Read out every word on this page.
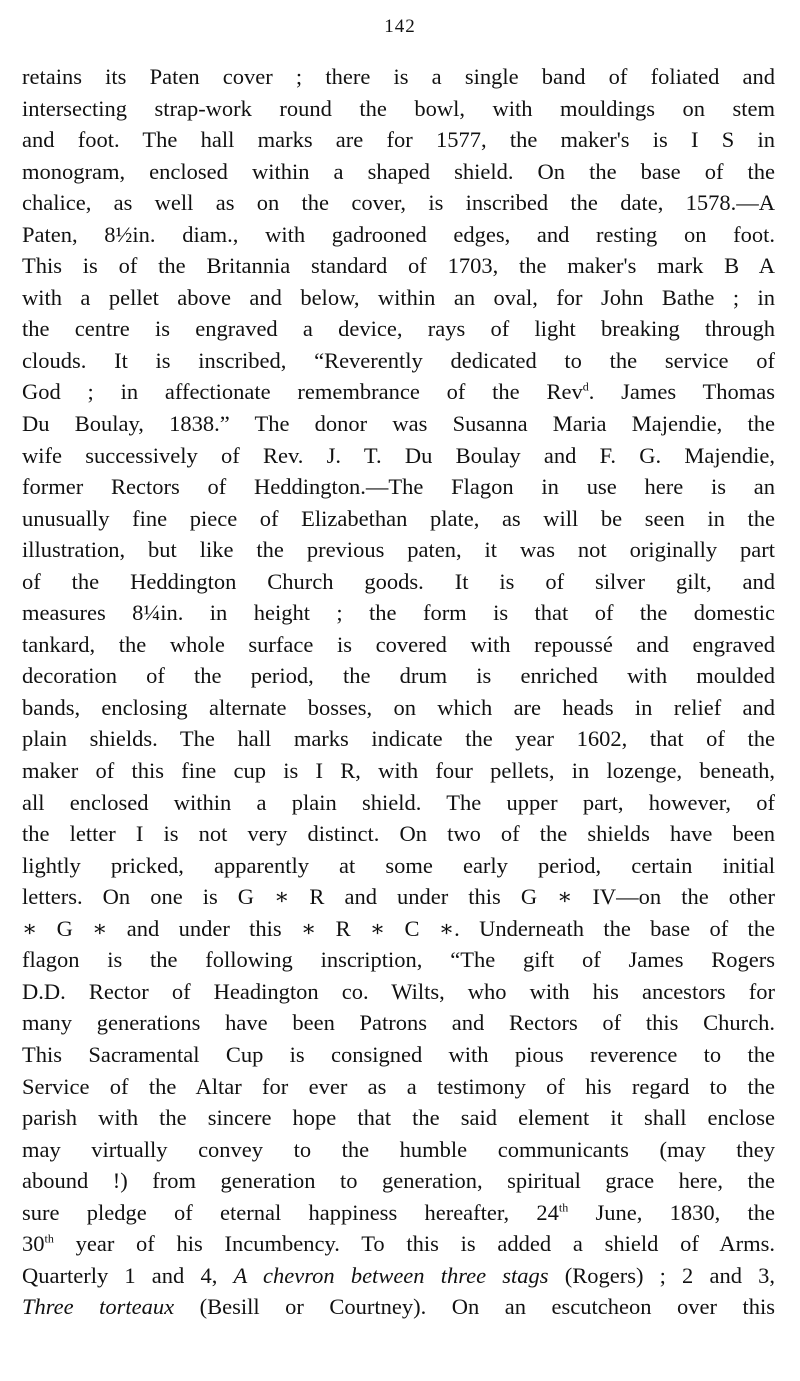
142
retains its Paten cover ; there is a single band of foliated and
intersecting strap-work round the bowl, with mouldings on stem
and foot. The hall marks are for 1577, the maker's is I S in
monogram, enclosed within a shaped shield. On the base of the
chalice, as well as on the cover, is inscribed the date, 1578.—A
Paten, 8½in. diam., with gadrooned edges, and resting on foot.
This is of the Britannia standard of 1703, the maker's mark B A
with a pellet above and below, within an oval, for John Bathe ; in
the centre is engraved a device, rays of light breaking through
clouds. It is inscribed, “Reverently dedicated to the service of
God ; in affectionate remembrance of the Rev$^d$. James Thomas
Du Boulay, 1838.” The donor was Susanna Maria Majendie, the
wife successively of Rev. J. T. Du Boulay and F. G. Majendie,
former Rectors of Heddington.—The Flagon in use here is an
unusually fine piece of Elizabethan plate, as will be seen in the
illustration, but like the previous paten, it was not originally part
of the Heddington Church goods. It is of silver gilt, and
measures 8¼in. in height ; the form is that of the domestic
tankard, the whole surface is covered with repoussé and engraved
decoration of the period, the drum is enriched with moulded
bands, enclosing alternate bosses, on which are heads in relief and
plain shields. The hall marks indicate the year 1602, that of the
maker of this fine cup is I R, with four pellets, in lozenge, beneath,
all enclosed within a plain shield. The upper part, however, of
the letter I is not very distinct. On two of the shields have been
lightly pricked, apparently at some early period, certain initial
letters. On one is G ∗ R and under this G ∗ IV—on the other
∗ G ∗ and under this ∗ R ∗ C ∗. Underneath the base of the
flagon is the following inscription, “The gift of James Rogers
D.D. Rector of Headington co. Wilts, who with his ancestors for
many generations have been Patrons and Rectors of this Church.
This Sacramental Cup is consigned with pious reverence to the
Service of the Altar for ever as a testimony of his regard to the
parish with the sincere hope that the said element it shall enclose
may virtually convey to the humble communicants (may they
abound !) from generation to generation, spiritual grace here, the
sure pledge of eternal happiness hereafter, 24th June, 1830, the
30th year of his Incumbency. To this is added a shield of Arms.
Quarterly 1 and 4, A chevron between three stags (Rogers) ; 2 and 3,
Three torteaux (Besill or Courtney). On an escutcheon over this
